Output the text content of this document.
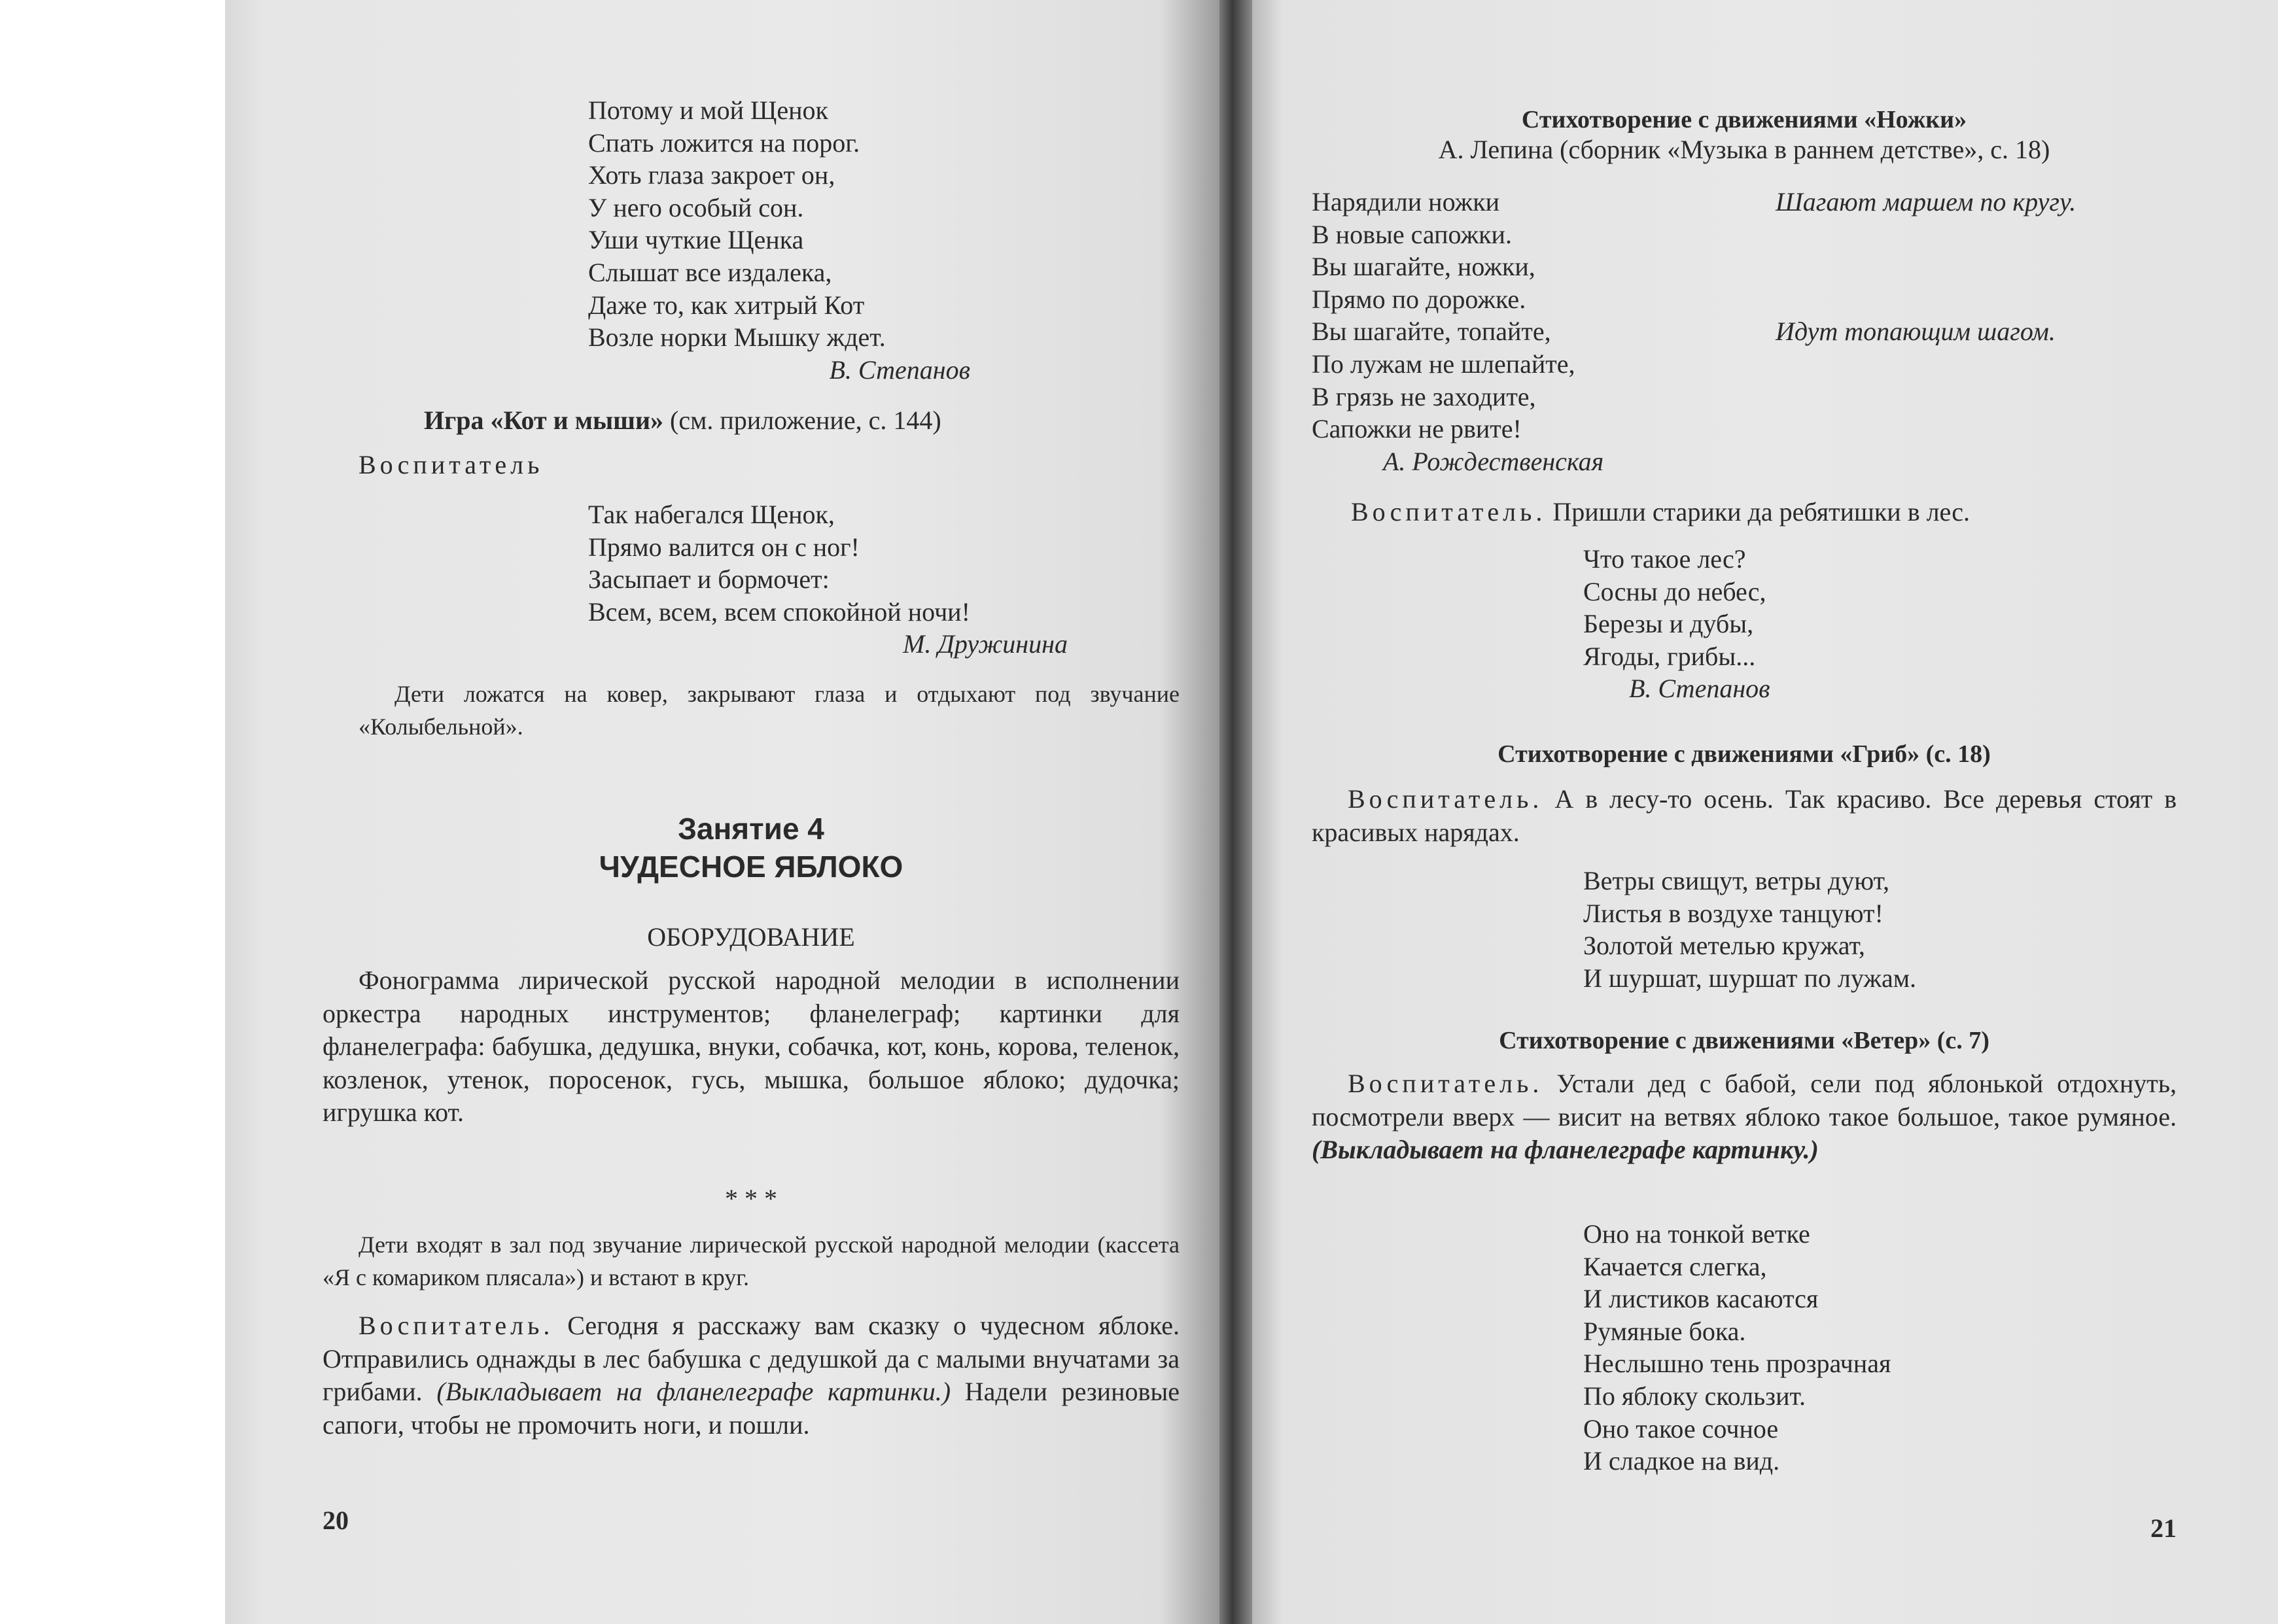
Потому и мой Щенок
Спать ложится на порог.
Хоть глаза закроет он,
У него особый сон.
Уши чуткие Щенка
Слышат все издалека,
Даже то, как хитрый Кот
Возле норки Мышку ждет.
В. Степанов
Игра «Кот и мыши» (см. приложение, с. 144)
Воспитатель
Так набегался Щенок,
Прямо валится он с ног!
Засыпает и бормочет:
Всем, всем, всем спокойной ночи!
М. Дружинина
Дети ложатся на ковер, закрывают глаза и отдыхают под звучание «Колыбельной».
Занятие 4
ЧУДЕСНОЕ ЯБЛОКО
ОБОРУДОВАНИЕ
Фонограмма лирической русской народной мелодии в исполнении оркестра народных инструментов; фланелеграф; картинки для фланелеграфа: бабушка, дедушка, внуки, собачка, кот, конь, корова, теленок, козленок, утенок, поросенок, гусь, мышка, большое яблоко; дудочка; игрушка кот.
* * *
Дети входят в зал под звучание лирической русской народной мелодии (кассета «Я с комариком плясала») и встают в круг.
Воспитатель. Сегодня я расскажу вам сказку о чудесном яблоке. Отправились однажды в лес бабушка с дедушкой да с малыми внучатами за грибами. (Выкладывает на фланелеграфе картинки.) Надели резиновые сапоги, чтобы не промочить ноги, и пошли.
20
Стихотворение с движениями «Ножки»
А. Лепина (сборник «Музыка в раннем детстве», с. 18)
Нарядили ножки
В новые сапожки.
Вы шагайте, ножки,
Прямо по дорожке.
Вы шагайте, топайте,
По лужам не шлепайте,
В грязь не заходите,
Сапожки не рвите!
Шагают маршем по кругу.
Идут топающим шагом.
А. Рождественская
Воспитатель. Пришли старики да ребятишки в лес.
Что такое лес?
Сосны до небес,
Березы и дубы,
Ягоды, грибы...
В. Степанов
Стихотворение с движениями «Гриб» (с. 18)
Воспитатель. А в лесу-то осень. Так красиво. Все деревья стоят в красивых нарядах.
Ветры свищут, ветры дуют,
Листья в воздухе танцуют!
Золотой метелью кружат,
И шуршат, шуршат по лужам.
Стихотворение с движениями «Ветер» (с. 7)
Воспитатель. Устали дед с бабой, сели под яблонькой отдохнуть, посмотрели вверх — висит на ветвях яблоко такое большое, такое румяное. (Выкладывает на фланелеграфе картинку.)
Оно на тонкой ветке
Качается слегка,
И листиков касаются
Румяные бока.
Неслышно тень прозрачная
По яблоку скользит.
Оно такое сочное
И сладкое на вид.
21
